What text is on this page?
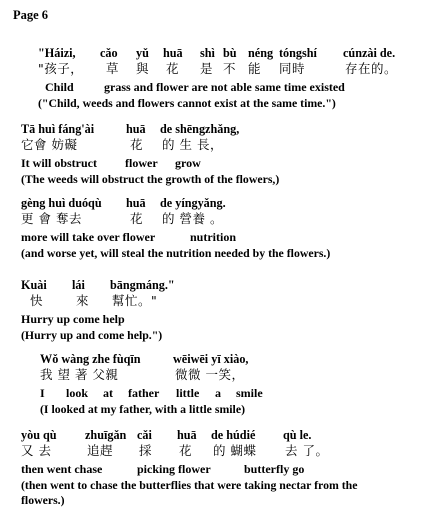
Page 6
"Háizi, cǎo yǔ huā shì bù néng tóngshí cúnzài de.
"孩子， 草 與 花 是 不 能 同時	存在的。
Child	grass and flower are not able same time existed
("Child, weeds and flowers cannot exist at the same time.")
Tā huì fáng'ài	huā de shēngzhǎng,
它會 妨礙	花 的 生 長，
It will obstruct flower grow
(The weeds will obstruct the growth of the flowers,)
gèng huì duóqù huā de yíngyǎng.
更 會 奪去	花 的 營養 。
more will take over flower	nutrition
(and worse yet, will steal the nutrition needed by the flowers.)
Kuài lái bāngmáng."
快	來 幫忙。"
Hurry up come help
(Hurry up and come help.")
Wǒ wàng zhe fùqīn	wēiwēi yī xiào,
我 望 著 父親	微微 一笑，
I look at father little a smile
(I looked at my father, with a little smile)
yòu qù zhuīgǎn cǎi huā de húdié qù le.
又 去	追趕 採 花 的 蝴蝶 去 了。
then went chase	picking flower	butterfly go
(then went to chase the butterflies that were taking nectar from the flowers.)
